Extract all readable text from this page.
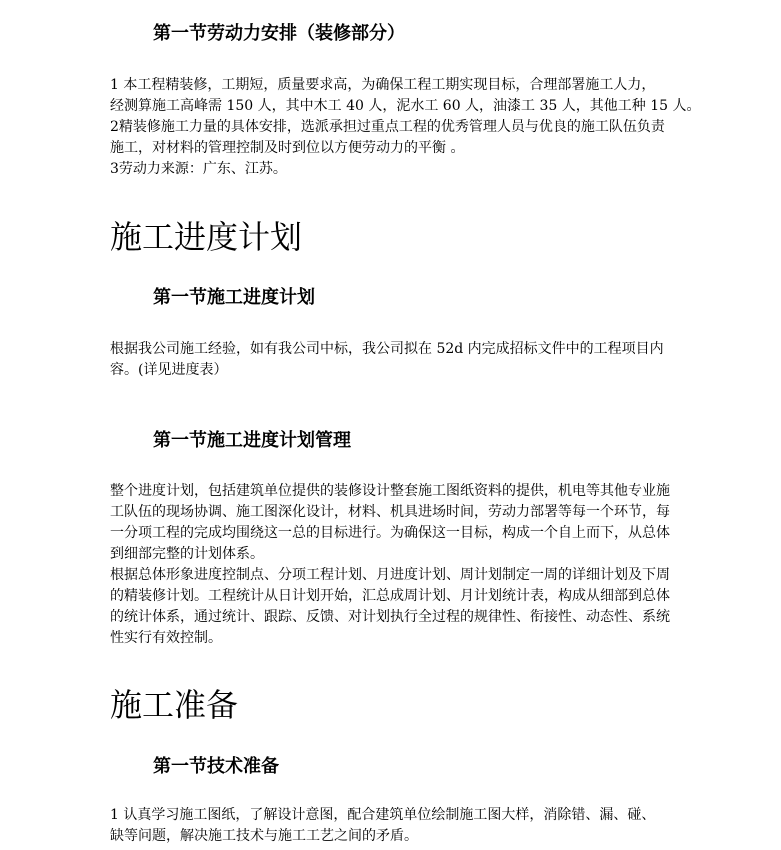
第一节劳动力安排（装修部分）
1 本工程精装修，工期短，质量要求高，为确保工程工期实现目标，合理部署施工人力，
经测算施工高峰需 150 人，其中木工 40 人，泥水工 60 人，油漆工 35 人，其他工种 15 人。
2精装修施工力量的具体安排，选派承担过重点工程的优秀管理人员与优良的施工队伍负责
施工，对材料的管理控制及时到位以方便劳动力的平衡 。
3劳动力来源：广东、江苏。
施工进度计划
第一节施工进度计划
根据我公司施工经验，如有我公司中标，我公司拟在 52d 内完成招标文件中的工程项目内
容。(详见进度表）
第一节施工进度计划管理
整个进度计划，包括建筑单位提供的装修设计整套施工图纸资料的提供，机电等其他专业施
工队伍的现场协调、施工图深化设计，材料、机具进场时间，劳动力部署等每一个环节，每
一分项工程的完成均围绕这一总的目标进行。为确保这一目标，构成一个自上而下，从总体
到细部完整的计划体系。
根据总体形象进度控制点、分项工程计划、月进度计划、周计划制定一周的详细计划及下周
的精装修计划。工程统计从日计划开始，汇总成周计划、月计划统计表，构成从细部到总体
的统计体系，通过统计、跟踪、反馈、对计划执行全过程的规律性、衔接性、动态性、系统
性实行有效控制。
施工准备
第一节技术准备
1 认真学习施工图纸，了解设计意图，配合建筑单位绘制施工图大样，消除错、漏、碰、
缺等问题，解决施工技术与施工工艺之间的矛盾。
